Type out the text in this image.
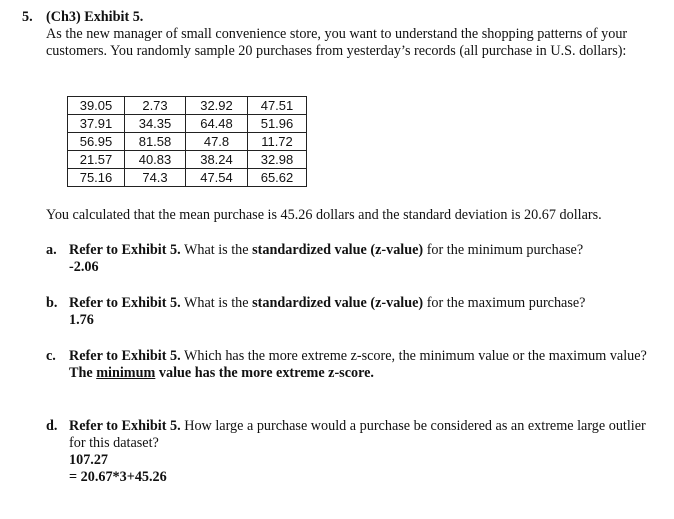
5. (Ch3) Exhibit 5.
As the new manager of small convenience store, you want to understand the shopping patterns of your customers. You randomly sample 20 purchases from yesterday’s records (all purchase in U.S. dollars):
39.05	2.73	32.92	47.51
37.91	34.35	64.48	51.96
56.95	81.58	47.8	11.72
21.57	40.83	38.24	32.98
75.16	74.3	47.54	65.62
You calculated that the mean purchase is 45.26 dollars and the standard deviation is 20.67 dollars.
a. Refer to Exhibit 5. What is the standardized value (z-value) for the minimum purchase?
-2.06
b. Refer to Exhibit 5. What is the standardized value (z-value) for the maximum purchase?
1.76
c. Refer to Exhibit 5. Which has the more extreme z-score, the minimum value or the maximum value?
The minimum value has the more extreme z-score.
d. Refer to Exhibit 5. How large a purchase would a purchase be considered as an extreme large outlier for this dataset?
107.27
= 20.67*3+45.26
